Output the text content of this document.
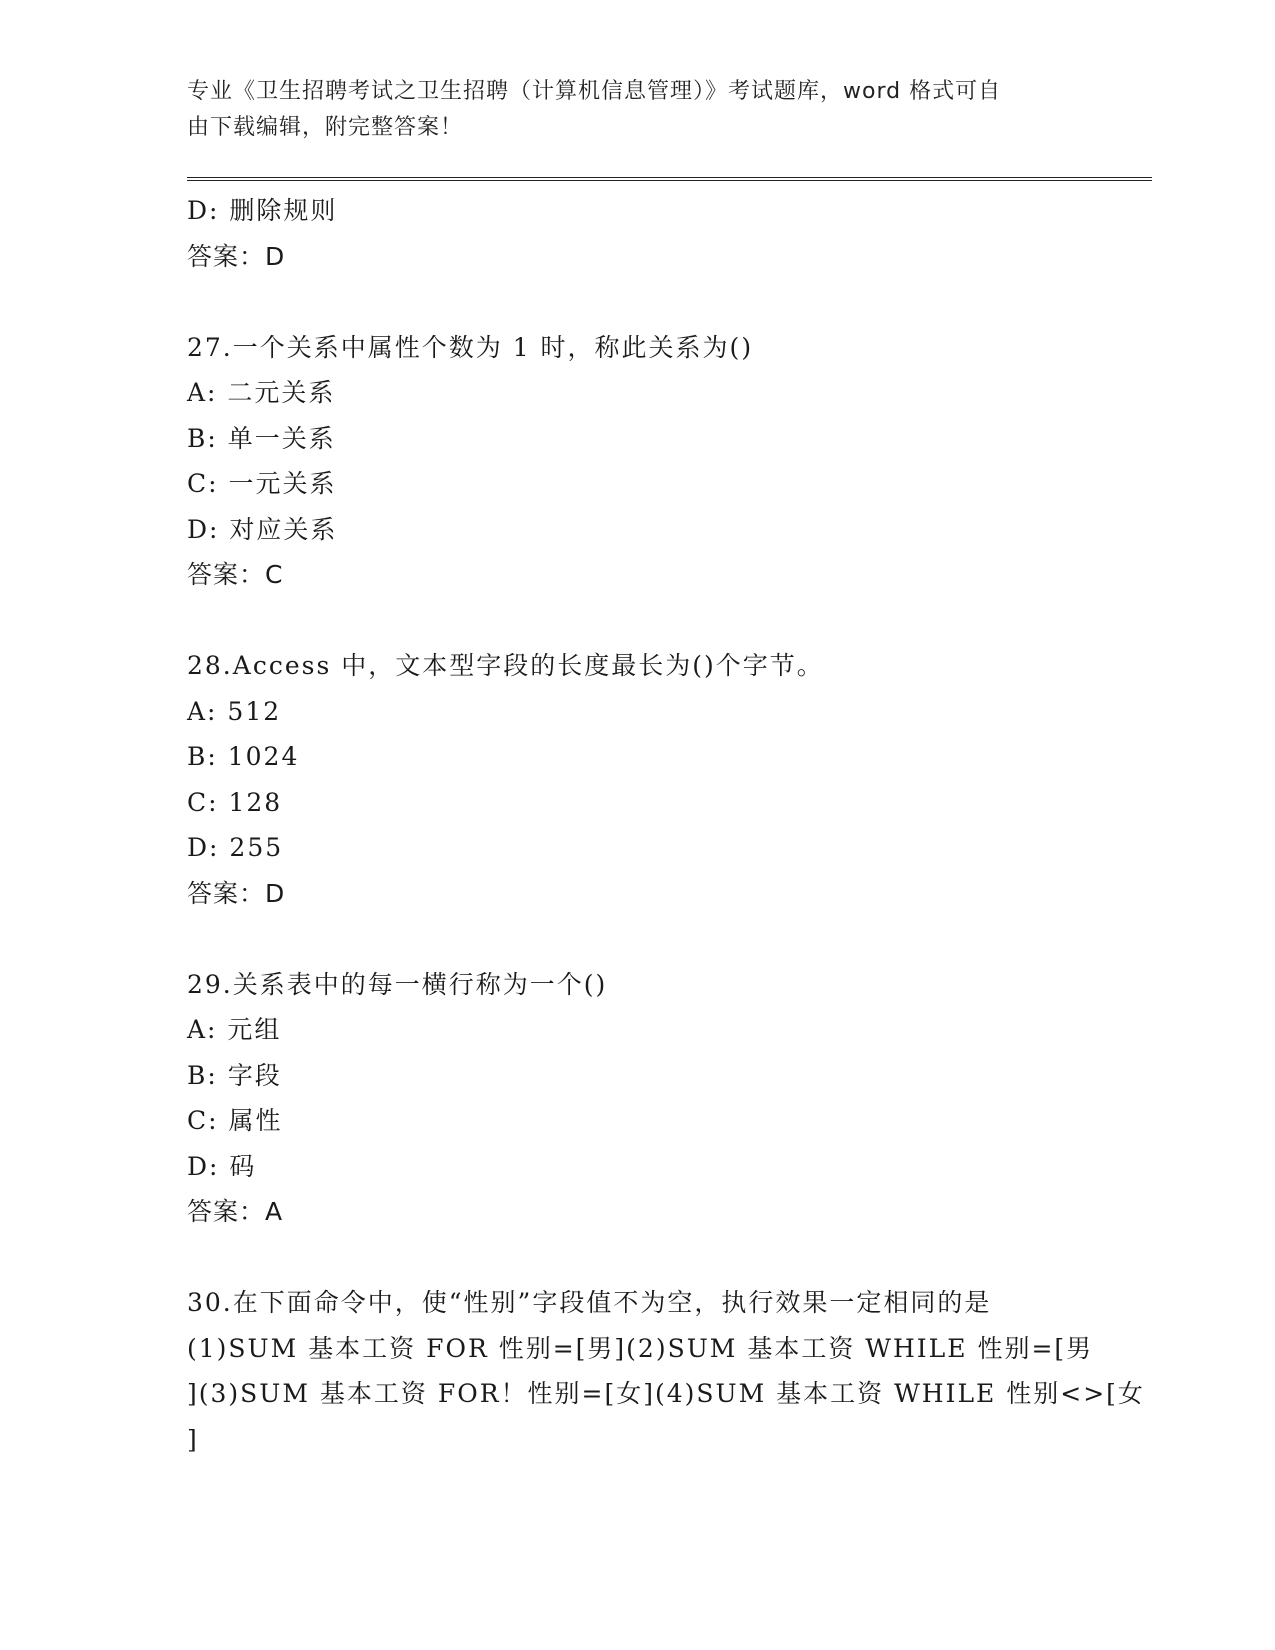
专业《卫生招聘考试之卫生招聘（计算机信息管理）》考试题库，word 格式可自
由下载编辑，附完整答案！
D: 删除规则
答案：D
27.一个关系中属性个数为 1 时，称此关系为()
A: 二元关系
B: 单一关系
C: 一元关系
D: 对应关系
答案：C
28.Access 中，文本型字段的长度最长为()个字节。
A: 512
B: 1024
C: 128
D: 255
答案：D
29.关系表中的每一横行称为一个()
A: 元组
B: 字段
C: 属性
D: 码
答案：A
30.在下面命令中，使“性别”字段值不为空，执行效果一定相同的是
(1)SUM 基本工资 FOR 性别=[男](2)SUM 基本工资 WHILE 性别=[男
](3)SUM 基本工资 FOR！性别=[女](4)SUM 基本工资 WHILE 性别<>[女
]
